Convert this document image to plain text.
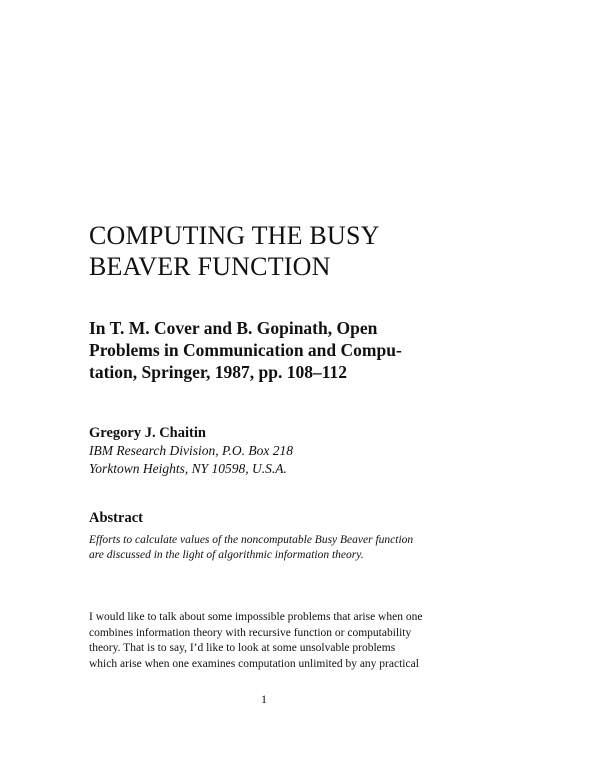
COMPUTING THE BUSY
BEAVER FUNCTION
In T. M. Cover and B. Gopinath, Open
Problems in Communication and Compu-
tation, Springer, 1987, pp. 108–112

Gregory J. Chaitin

IBM Research Division, P.O. Box 218

Yorktown Heights, NY 10598, U.S.A.

Abstract

Efforts to calculate values of the noncomputable Busy Beaver function
are discussed in the light of algorithmic information theory.

I would like to talk about some impossible problems that arise when one
combines information theory with recursive function or computability
theory. That is to say, I’d like to look at some unsolvable problems
which arise when one examines computation unlimited by any practical

1
